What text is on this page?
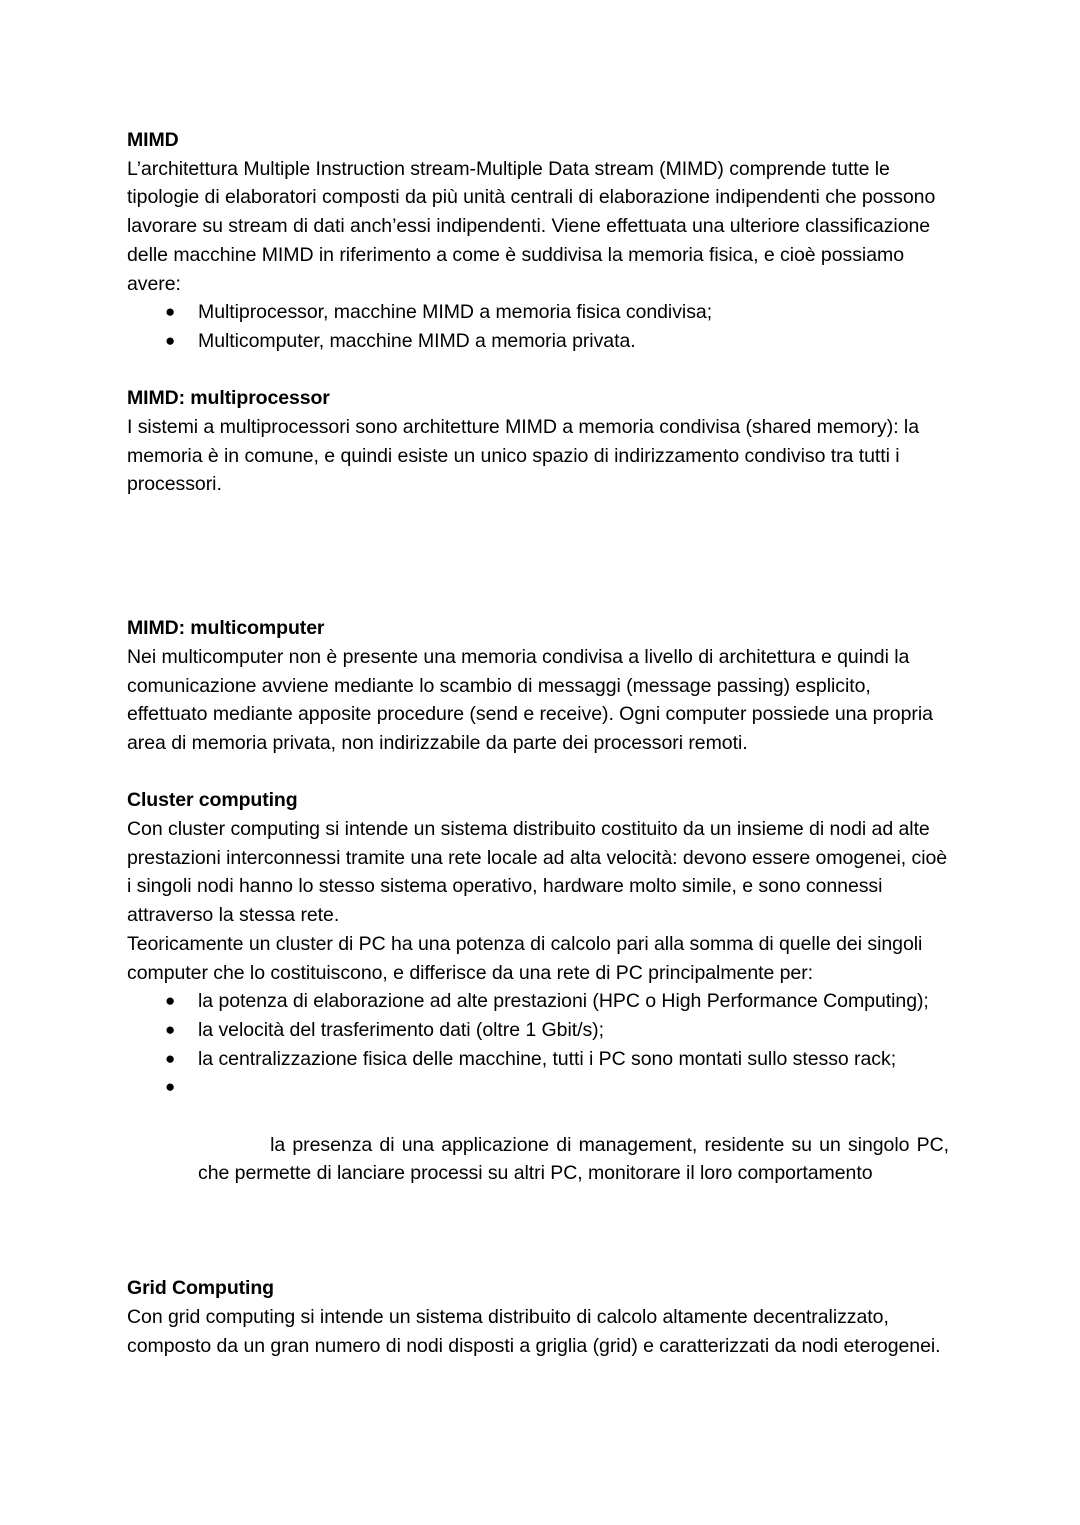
MIMD

L’architettura Multiple Instruction stream-Multiple Data stream (MIMD) comprende tutte le tipologie di elaboratori composti da più unità centrali di elaborazione indipendenti che possono lavorare su stream di dati anch’essi indipendenti. Viene effettuata una ulteriore classificazione delle macchine MIMD in riferimento a come è suddivisa la memoria fisica, e cioè possiamo avere:

● Multiprocessor, macchine MIMD a memoria fisica condivisa;
● Multicomputer, macchine MIMD a memoria privata.

MIMD: multiprocessor

I sistemi a multiprocessori sono architetture MIMD a memoria condivisa (shared memory): la memoria è in comune, e quindi esiste un unico spazio di indirizzamento condiviso tra tutti i processori.

MIMD: multicomputer

Nei multicomputer non è presente una memoria condivisa a livello di architettura e quindi la comunicazione avviene mediante lo scambio di messaggi (message passing) esplicito, effettuato mediante apposite procedure (send e receive). Ogni computer possiede una propria area di memoria privata, non indirizzabile da parte dei processori remoti.

Cluster computing

Con cluster computing si intende un sistema distribuito costituito da un insieme di nodi ad alte prestazioni interconnessi tramite una rete locale ad alta velocità: devono essere omogenei, cioè i singoli nodi hanno lo stesso sistema operativo, hardware molto simile, e sono connessi attraverso la stessa rete.

Teoricamente un cluster di PC ha una potenza di calcolo pari alla somma di quelle dei singoli computer che lo costituiscono, e differisce da una rete di PC principalmente per:

● la potenza di elaborazione ad alte prestazioni (HPC o High Performance Computing);
● la velocità del trasferimento dati (oltre 1 Gbit/s);
● la centralizzazione fisica delle macchine, tutti i PC sono montati sullo stesso rack;

●

la presenza di una applicazione di management, residente su un singolo PC,  che permette di lanciare processi su altri PC, monitorare il loro comportamento

Grid Computing

Con grid computing si intende un sistema distribuito di calcolo altamente decentralizzato, composto da un gran numero di nodi disposti a griglia (grid) e caratterizzati da nodi eterogenei.
